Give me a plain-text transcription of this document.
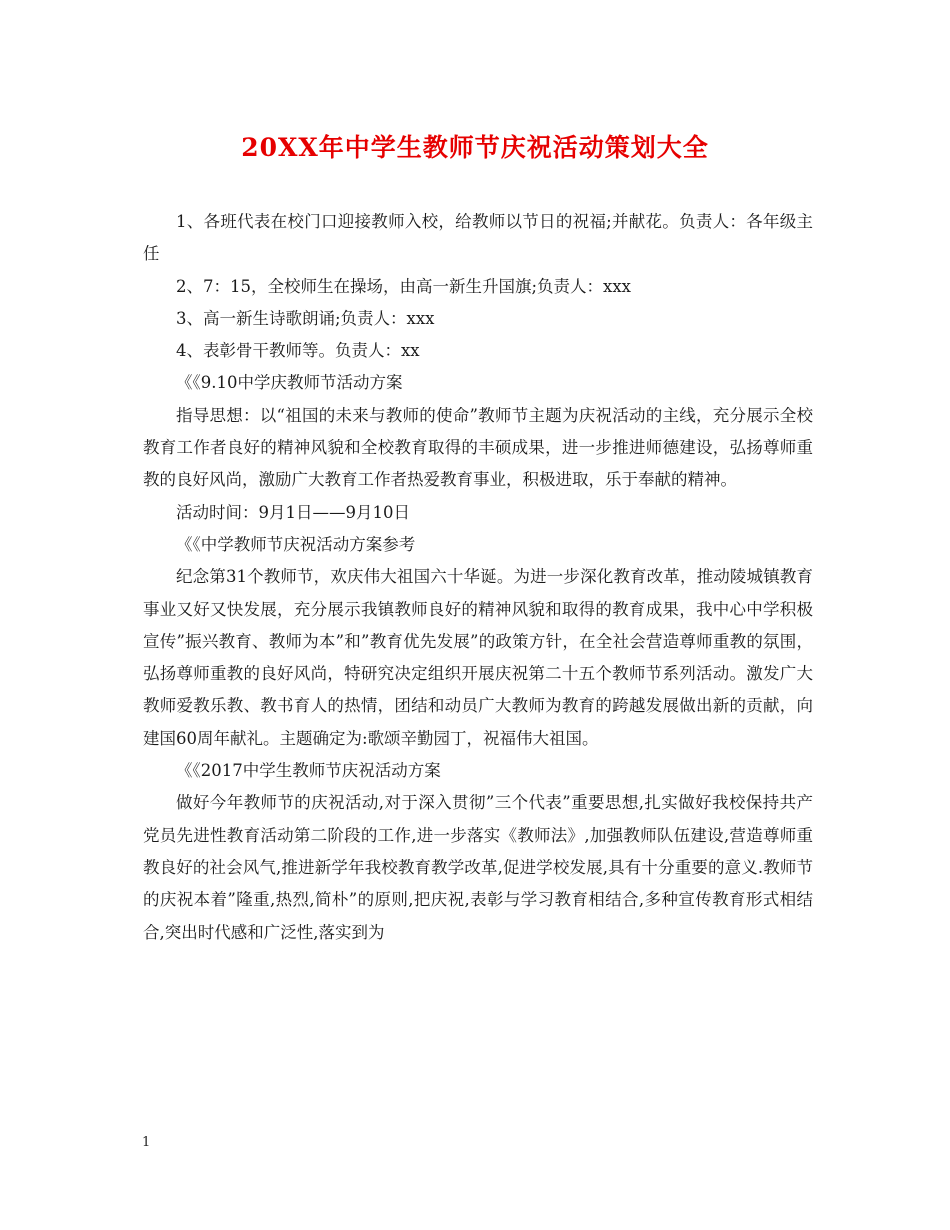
20XX年中学生教师节庆祝活动策划大全

1、各班代表在校门口迎接教师入校，给教师以节日的祝福;并献花。负责人：各年级主任

2、7：15，全校师生在操场，由高一新生升国旗;负责人：xxx

3、高一新生诗歌朗诵;负责人：xxx

4、表彰骨干教师等。负责人：xx

《《9.10中学庆教师节活动方案

指导思想：以“祖国的未来与教师的使命”教师节主题为庆祝活动的主线，充分展示全校教育工作者良好的精神风貌和全校教育取得的丰硕成果，进一步推进师德建设，弘扬尊师重教的良好风尚，激励广大教育工作者热爱教育事业，积极进取，乐于奉献的精神。

活动时间：9月1日——9月10日

《《中学教师节庆祝活动方案参考

纪念第31个教师节，欢庆伟大祖国六十华诞。为进一步深化教育改革，推动陵城镇教育事业又好又快发展，充分展示我镇教师良好的精神风貌和取得的教育成果，我中心中学积极宣传”振兴教育、教师为本”和”教育优先发展”的政策方针，在全社会营造尊师重教的氛围，弘扬尊师重教的良好风尚，特研究决定组织开展庆祝第二十五个教师节系列活动。激发广大教师爱教乐教、教书育人的热情，团结和动员广大教师为教育的跨越发展做出新的贡献，向建国60周年献礼。主题确定为:歌颂辛勤园丁，祝福伟大祖国。

《《2017中学生教师节庆祝活动方案

做好今年教师节的庆祝活动,对于深入贯彻”三个代表”重要思想,扎实做好我校保持共产党员先进性教育活动第二阶段的工作,进一步落实《教师法》,加强教师队伍建设,营造尊师重教良好的社会风气,推进新学年我校教育教学改革,促进学校发展,具有十分重要的意义.教师节的庆祝本着”隆重,热烈,简朴”的原则,把庆祝,表彰与学习教育相结合,多种宣传教育形式相结合,突出时代感和广泛性,落实到为

1
